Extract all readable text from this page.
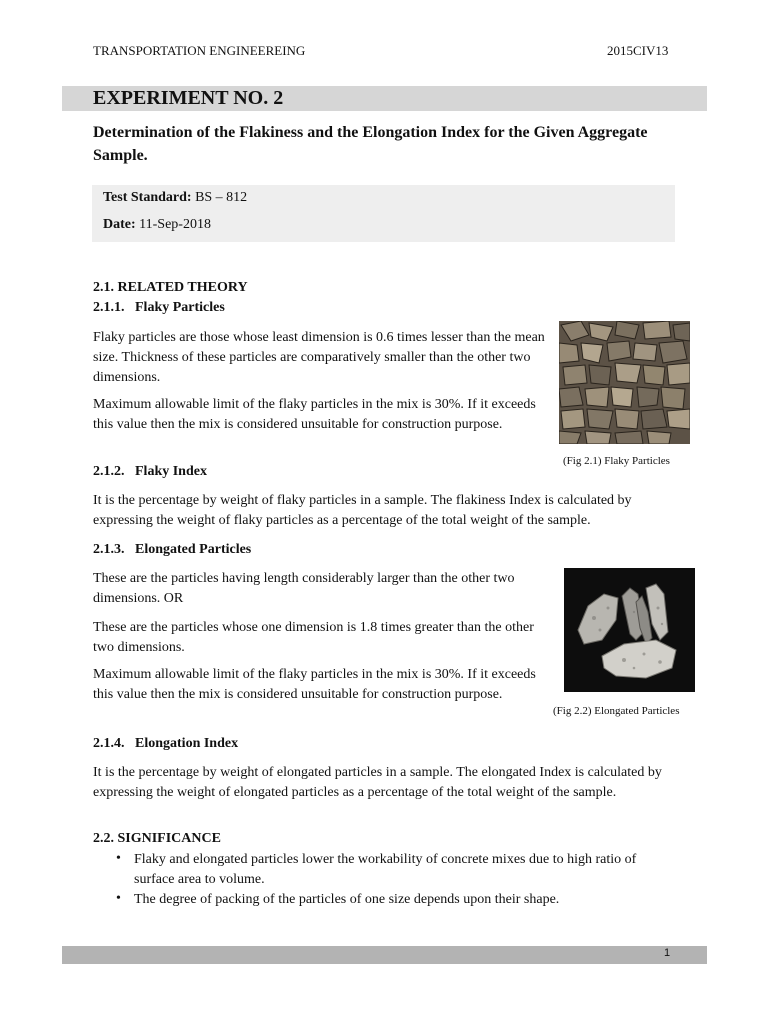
TRANSPORTATION ENGINEEREING	2015CIV13
EXPERIMENT NO. 2
Determination of the Flakiness and the Elongation Index for the Given Aggregate Sample.
Test Standard: BS – 812
Date: 11-Sep-2018
2.1. RELATED THEORY
2.1.1.   Flaky Particles
Flaky particles are those whose least dimension is 0.6 times lesser than the mean size. Thickness of these particles are comparatively smaller than the other two dimensions.
Maximum allowable limit of the flaky particles in the mix is 30%. If it exceeds this value then the mix is considered unsuitable for construction purpose.
(Fig 2.1) Flaky Particles
2.1.2.   Flaky Index
It is the percentage by weight of flaky particles in a sample. The flakiness Index is calculated by expressing the weight of flaky particles as a percentage of the total weight of the sample.
2.1.3.   Elongated Particles
These are the particles having length considerably larger than the other two dimensions. OR
These are the particles whose one dimension is 1.8 times greater than the other two dimensions.
Maximum allowable limit of the flaky particles in the mix is 30%. If it exceeds this value then the mix is considered unsuitable for construction purpose.
(Fig 2.2) Elongated Particles
2.1.4.   Elongation Index
It is the percentage by weight of elongated particles in a sample. The elongated Index is calculated by expressing the weight of elongated particles as a percentage of the total weight of the sample.
2.2. SIGNIFICANCE
• Flaky and elongated particles lower the workability of concrete mixes due to high ratio of surface area to volume.
• The degree of packing of the particles of one size depends upon their shape.
1
